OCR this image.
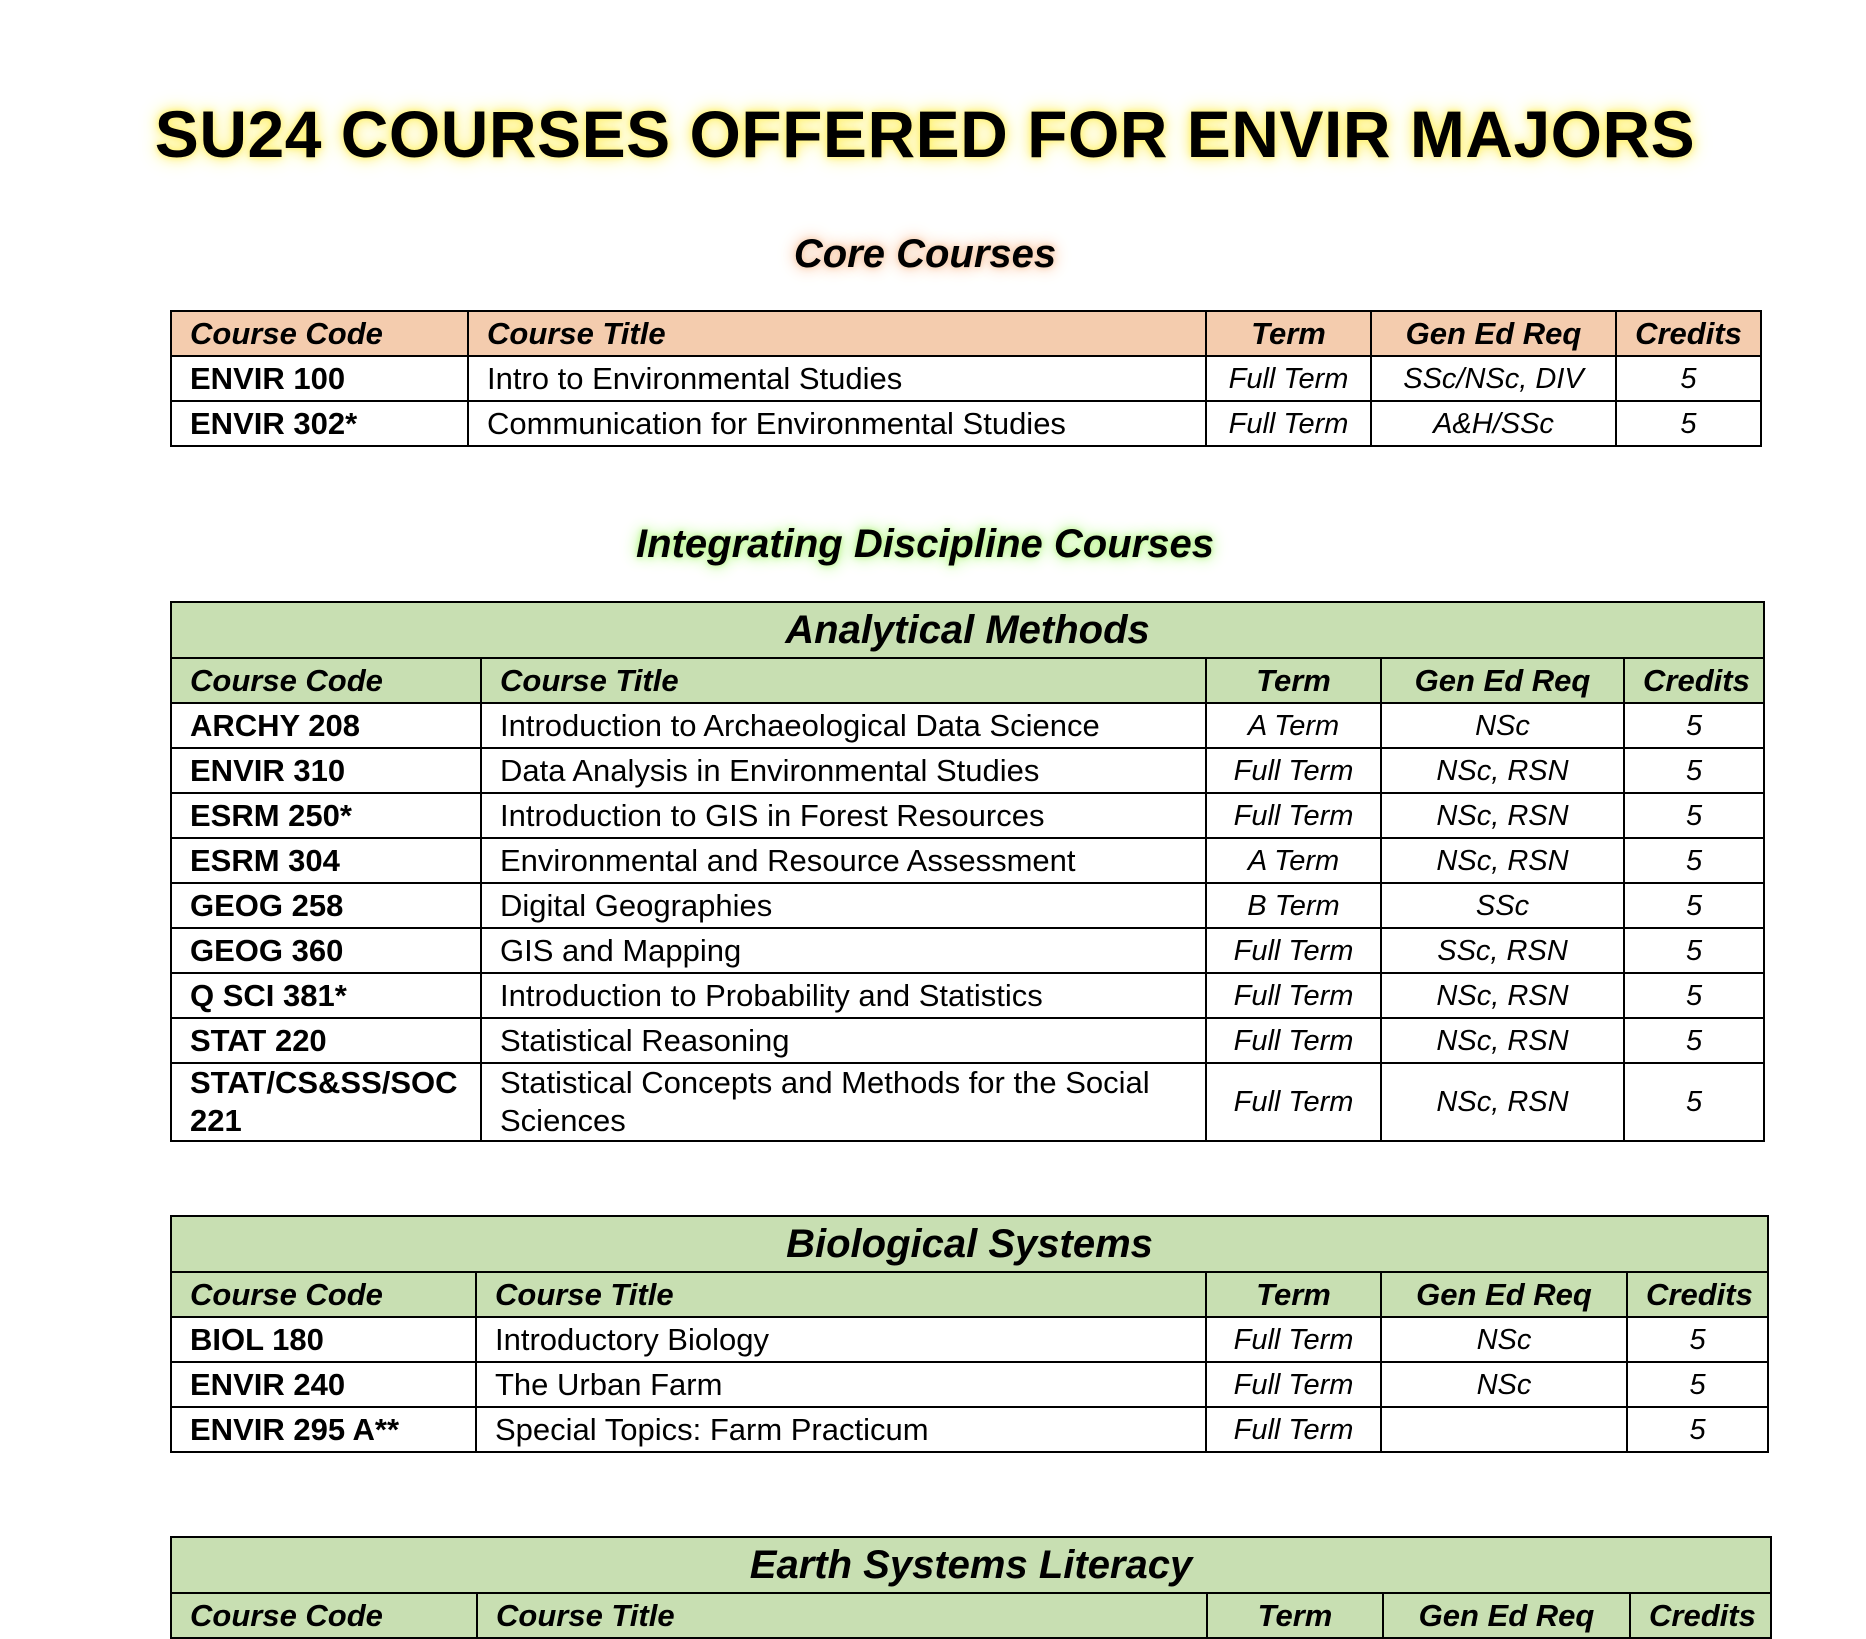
SU24 COURSES OFFERED FOR ENVIR MAJORS
Core Courses
Course Code	Course Title	Term	Gen Ed Req	Credits
ENVIR 100	Intro to Environmental Studies	Full Term	SSc/NSc, DIV	5
ENVIR 302*	Communication for Environmental Studies	Full Term	A&H/SSc	5
Integrating Discipline Courses
Analytical Methods				
Course Code	Course Title	Term	Gen Ed Req	Credits
ARCHY 208	Introduction to Archaeological Data Science	A Term	NSc	5
ENVIR 310	Data Analysis in Environmental Studies	Full Term	NSc, RSN	5
ESRM 250*	Introduction to GIS in Forest Resources	Full Term	NSc, RSN	5
ESRM 304	Environmental and Resource Assessment	A Term	NSc, RSN	5
GEOG 258	Digital Geographies	B Term	SSc	5
GEOG 360	GIS and Mapping	Full Term	SSc, RSN	5
Q SCI 381*	Introduction to Probability and Statistics	Full Term	NSc, RSN	5
STAT 220	Statistical Reasoning	Full Term	NSc, RSN	5
STAT/CS&SS/SOC 221	Statistical Concepts and Methods for the Social Sciences	Full Term	NSc, RSN	5
Biological Systems				
Course Code	Course Title	Term	Gen Ed Req	Credits
BIOL 180	Introductory Biology	Full Term	NSc	5
ENVIR 240	The Urban Farm	Full Term	NSc	5
ENVIR 295 A**	Special Topics: Farm Practicum	Full Term		5
Earth Systems Literacy
Course Code	Course Title	Term	Gen Ed Req	Credits
